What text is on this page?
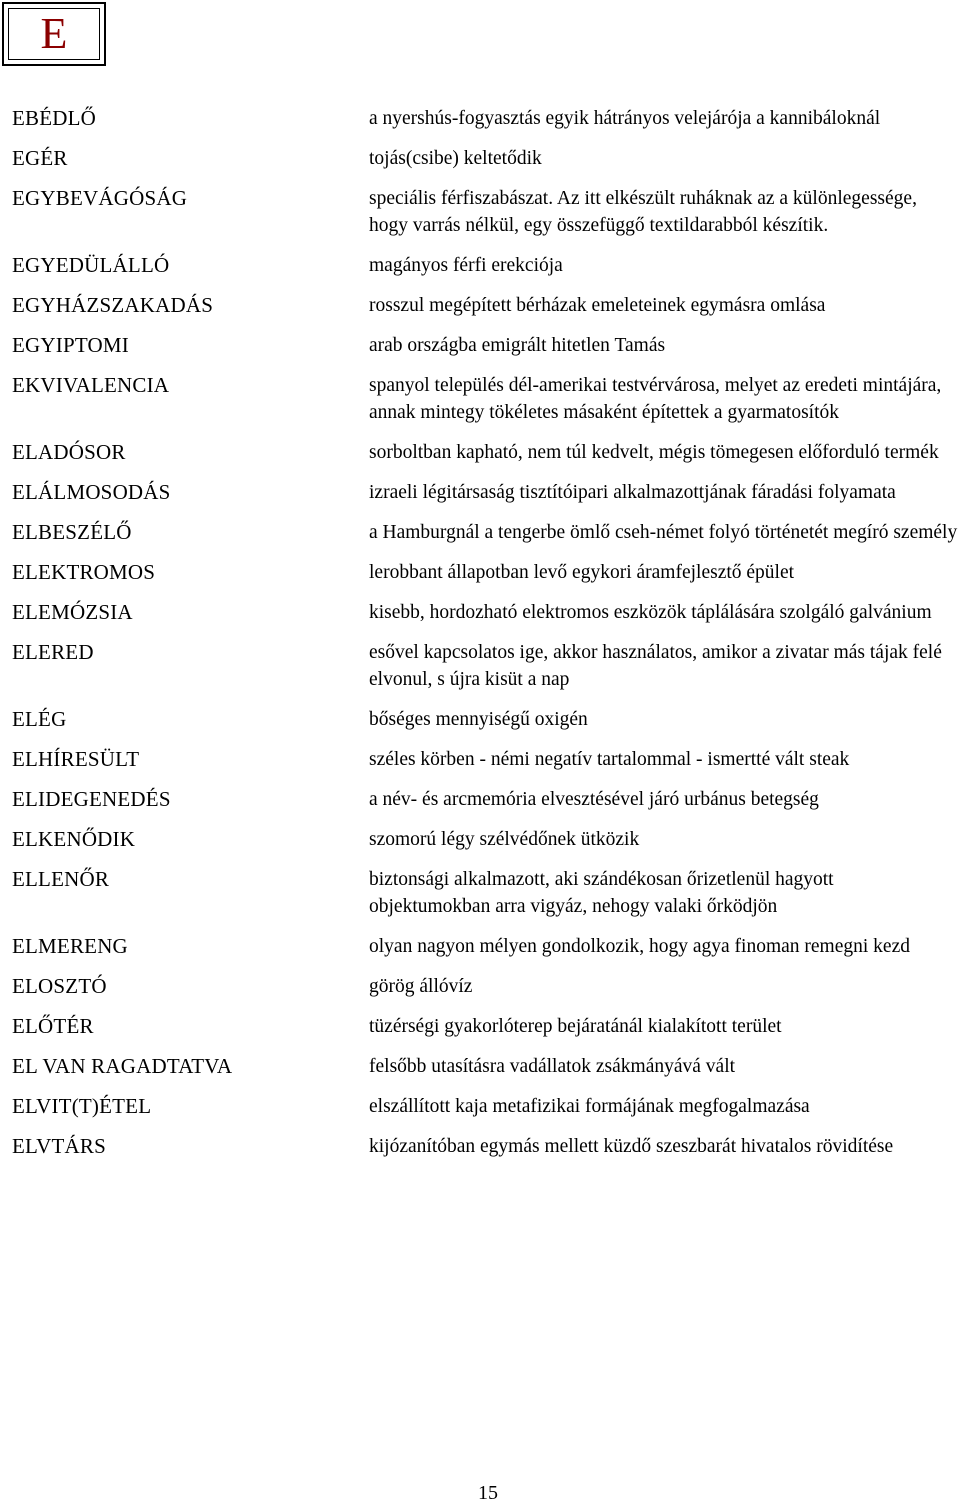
E
EBÉDLŐ	a nyershús-fogyasztás egyik hátrányos velejárója a kannibáloknál
EGÉR	tojás(csibe) keltetődik
EGYBEVÁGÓSÁG	speciális férfiszabászat. Az itt elkészült ruháknak az a különlegessége, hogy varrás nélkül, egy összefüggő textildarabból készítik.
EGYEDÜLÁLLÓ	magányos férfi erekciója
EGYHÁZSZAKADÁS	rosszul megépített bérházak emeleteinek egymásra omlása
EGYIPTOMI	arab országba emigrált hitetlen Tamás
EKVIVALENCIA	spanyol település dél-amerikai testvérvárosa, melyet az eredeti mintájára, annak mintegy tökéletes másaként építettek a gyarmatosítók
ELADÓSOR	sorboltban kapható, nem túl kedvelt, mégis tömegesen előforduló termék
ELÁLMOSODÁS	izraeli légitársaság tisztítóipari alkalmazottjának fáradási folyamata
ELBESZÉLŐ	a Hamburgnál a tengerbe ömlő cseh-német folyó történetét megíró személy
ELEKTROMOS	lerobbant állapotban levő egykori áramfejlesztő épület
ELEMÓZSIA	kisebb, hordozható elektromos eszközök táplálására szolgáló galvánium
ELERED	esővel kapcsolatos ige, akkor használatos, amikor a zivatar más tájak felé elvonul, s újra kisüt a nap
ELÉG	bőséges mennyiségű oxigén
ELHÍRESÜLT	széles körben - némi negatív tartalommal - ismertté vált steak
ELIDEGENEDÉS	a név- és arcmemória elvesztésével járó urbánus betegség
ELKENŐDIK	szomorú légy szélvédőnek ütközik
ELLENŐR	biztonsági alkalmazott, aki szándékosan őrizetlenül hagyott objektumokban arra vigyáz, nehogy valaki őrködjön
ELMERENG	olyan nagyon mélyen gondolkozik, hogy agya finoman remegni kezd
ELOSZTÓ	görög állóvíz
ELŐTÉR	tüzérségi gyakorlóterep bejáratánál kialakított terület
EL VAN RAGADTATVA	felsőbb utasításra vadállatok zsákmányává vált
ELVIT(T)ÉTEL	elszállított kaja metafizikai formájának megfogalmazása
ELVTÁRS	kijózanítóban egymás mellett küzdő szeszbarát hivatalos rövidítése
15
